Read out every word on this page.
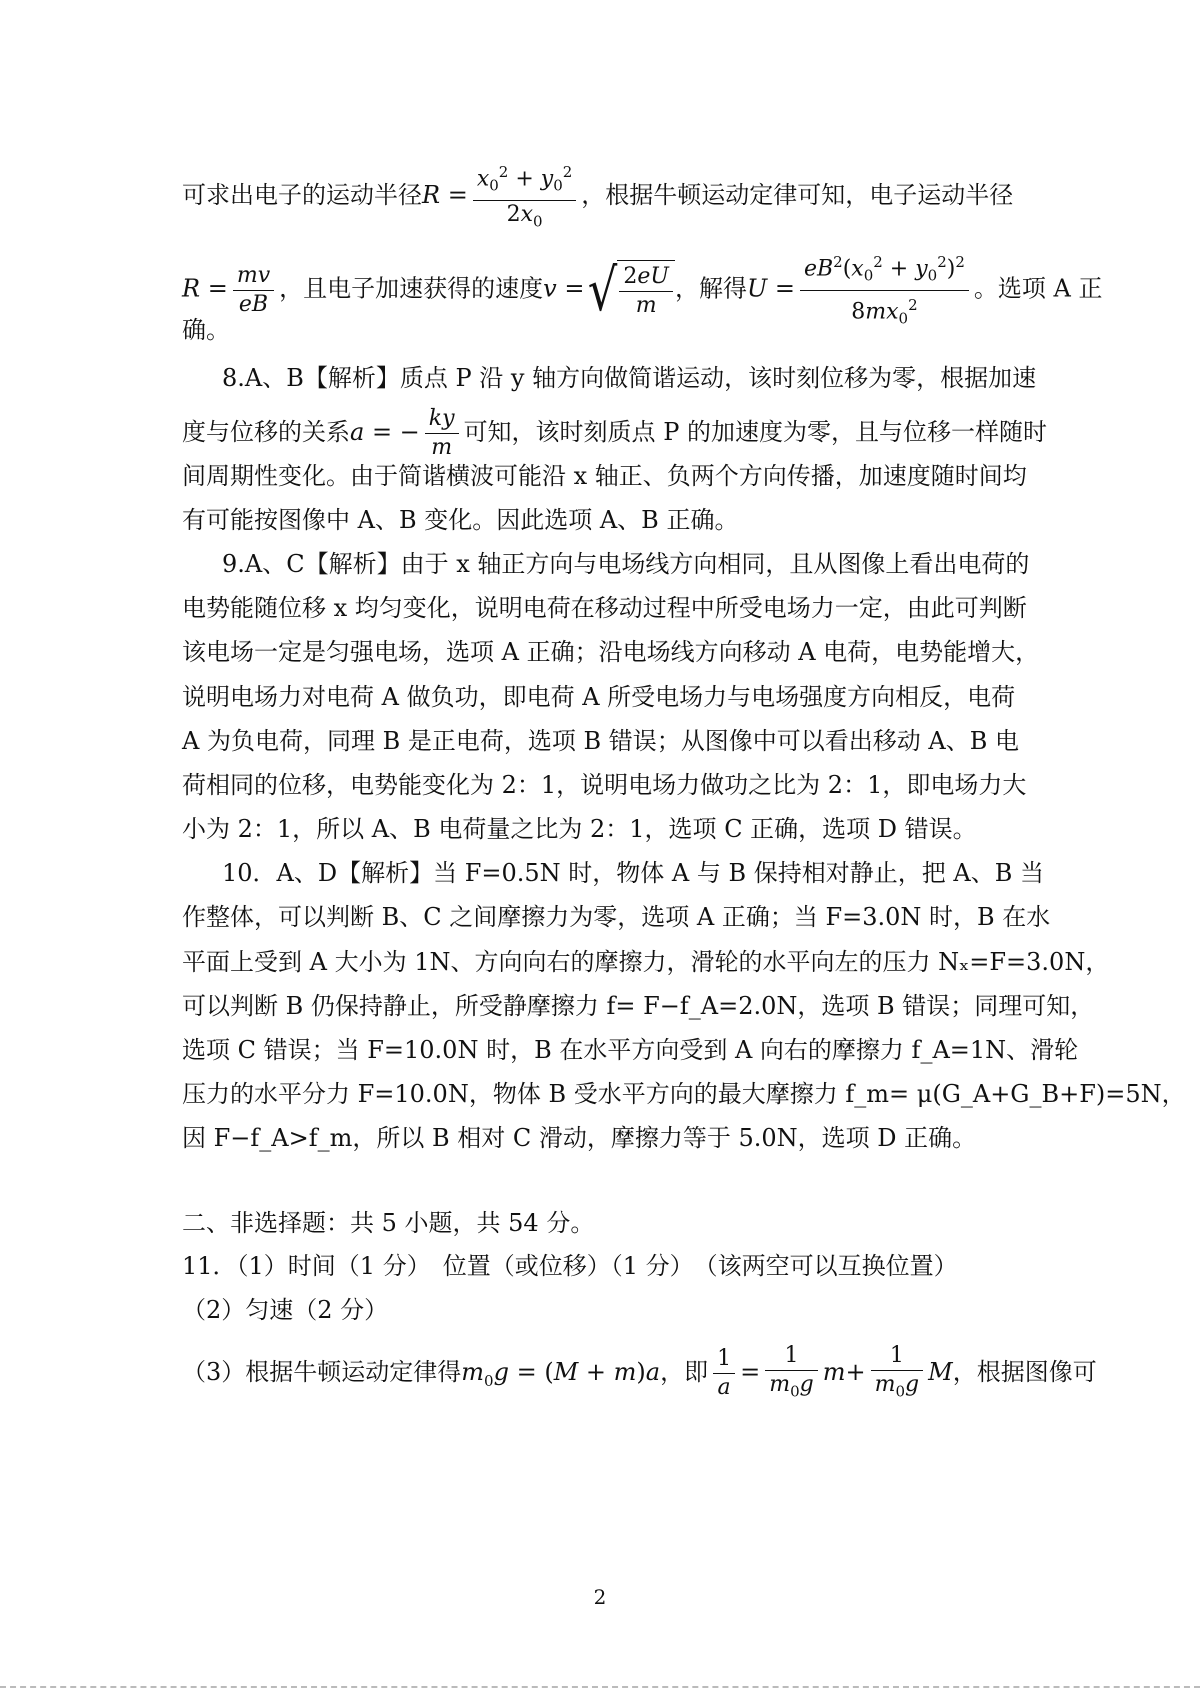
可求出电子的运动半径$R = \frac{x_0^2 + y_0^2}{2x_0}$ ，根据牛顿运动定律可知，电子运动半径
$R = \frac{mv}{eB}$ ，且电子加速获得的速度v =√ $\frac{2eU}{m}$ ，解得$U = \frac{eB^2(x_0^2 + y_0^2)^2}{8mx_0^2}$ 。选项 A 正
确。
8.A、B【解析】质点 P 沿 y 轴方向做简谐运动，该时刻位移为零，根据加速
度与位移的关系a = − $\frac{ky}{m}$ 可知，该时刻质点 P 的加速度为零，且与位移一样随时
间周期性变化。由于简谐横波可能沿 x 轴正、负两个方向传播，加速度随时间均
有可能按图像中 A、B 变化。因此选项 A、B 正确。
9.A、C【解析】由于 x 轴正方向与电场线方向相同，且从图像上看出电荷的
电势能随位移 x 均匀变化，说明电荷在移动过程中所受电场力一定，由此可判断
该电场一定是匀强电场，选项 A 正确；沿电场线方向移动 A 电荷，电势能增大，
说明电场力对电荷 A 做负功，即电荷 A 所受电场力与电场强度方向相反，电荷
A 为负电荷，同理 B 是正电荷，选项 B 错误；从图像中可以看出移动 A、B 电
荷相同的位移，电势能变化为 2：1，说明电场力做功之比为 2：1，即电场力大
小为 2：1，所以 A、B 电荷量之比为 2：1，选项 C 正确，选项 D 错误。
10．A、D【解析】当 F=0.5N 时，物体 A 与 B 保持相对静止，把 A、B 当
作整体，可以判断 B、C 之间摩擦力为零，选项 A 正确；当 F=3.0N 时，B 在水
平面上受到 A 大小为 1N、方向向右的摩擦力，滑轮的水平向左的压力 Nₓ=F=3.0N，
可以判断 B 仍保持静止，所受静摩擦力 f= F−f_A=2.0N，选项 B 错误；同理可知，
选项 C 错误；当 F=10.0N 时，B 在水平方向受到 A 向右的摩擦力 f_A=1N、滑轮
压力的水平分力 F=10.0N，物体 B 受水平方向的最大摩擦力 f_m= μ(G_A+G_B+F)=5N，
因 F−f_A>f_m，所以 B 相对 C 滑动，摩擦力等于 5.0N，选项 D 正确。
二、非选择题：共 5 小题，共 54 分。
11．（1）时间（1 分）　位置（或位移）（1 分）　（该两空可以互换位置）
（2）匀速（2 分）
（3）根据牛顿运动定律得$m_0g = (M + m)a$，即 $\frac{1}{a} = \frac{1}{m_0g} m+ \frac{1}{m_0g}$ M，根据图像可
2
